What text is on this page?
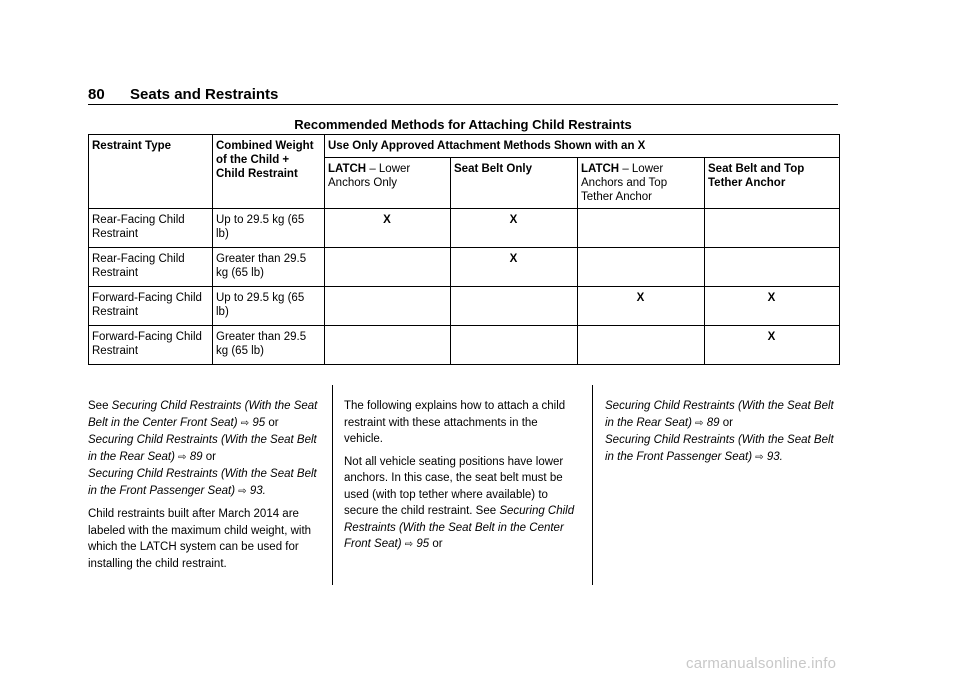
80 Seats and Restraints
Recommended Methods for Attaching Child Restraints
Restraint Type	Combined Weight of the Child + Child Restraint	Use Only Approved Attachment Methods Shown with an X			
		LATCH – Lower Anchors Only	Seat Belt Only	LATCH – Lower Anchors and Top Tether Anchor	Seat Belt and Top Tether Anchor
Rear-Facing Child Restraint	Up to 29.5 kg (65 lb)	X	X		
Rear-Facing Child Restraint	Greater than 29.5 kg (65 lb)		X		
Forward-Facing Child Restraint	Up to 29.5 kg (65 lb)			X	X
Forward-Facing Child Restraint	Greater than 29.5 kg (65 lb)				X

See Securing Child Restraints (With the Seat Belt in the Center Front Seat) ⇨ 95 or
Securing Child Restraints (With the Seat Belt in the Rear Seat) ⇨ 89 or
Securing Child Restraints (With the Seat Belt in the Front Passenger Seat) ⇨ 93.

Child restraints built after March 2014 are labeled with the maximum child weight, with which the LATCH system can be used for installing the child restraint.

The following explains how to attach a child restraint with these attachments in the vehicle.

Not all vehicle seating positions have lower anchors. In this case, the seat belt must be used (with top tether where available) to secure the child restraint. See Securing Child Restraints (With the Seat Belt in the Center Front Seat) ⇨ 95 or

Securing Child Restraints (With the Seat Belt in the Rear Seat) ⇨ 89 or
Securing Child Restraints (With the Seat Belt in the Front Passenger Seat) ⇨ 93.

carmanualsonline.info
